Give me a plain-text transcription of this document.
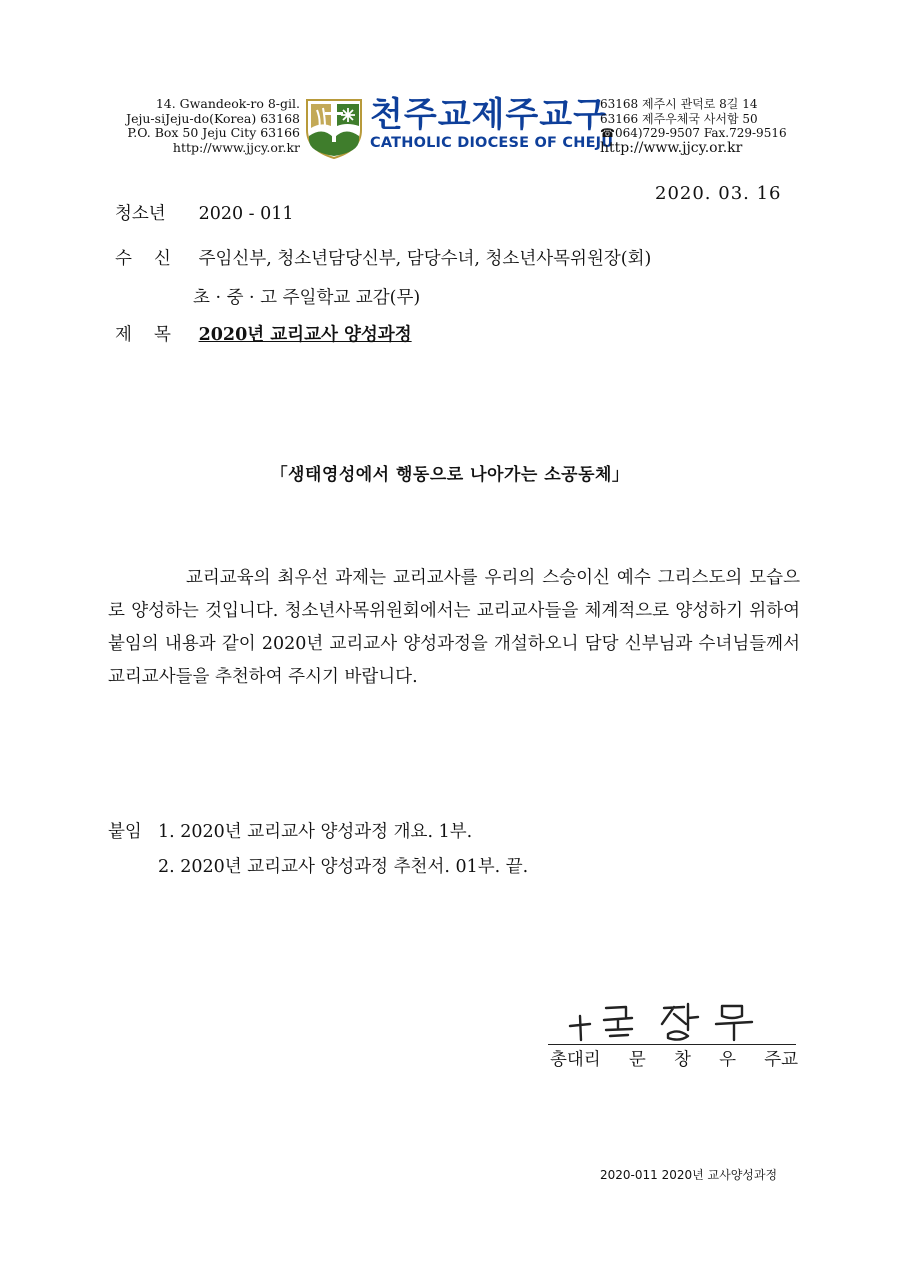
14. Gwandeok-ro 8-gil.
Jeju-siJeju-do(Korea) 63168
P.O. Box 50 Jeju City 63166
http://www.jjcy.or.kr
천주교제주교구
CATHOLIC DIOCESE OF CHEJU
63168 제주시 관덕로 8길 14
63166 제주우체국 사서함 50
☎064)729-9507 Fax.729-9516
http://www.jjcy.or.kr
2020. 03. 16
청소년 2020 - 011
수 신 주임신부, 청소년담당신부, 담당수녀, 청소년사목위원장(회)
초 · 중 · 고 주일학교 교감(무)
제 목 2020년 교리교사 양성과정
「생태영성에서 행동으로 나아가는 소공동체」
교리교육의 최우선 과제는 교리교사를 우리의 스승이신 예수 그리스도의 모습으로 양성하는 것입니다. 청소년사목위원회에서는 교리교사들을 체계적으로 양성하기 위하여 붙임의 내용과 같이 2020년 교리교사 양성과정을 개설하오니 담당 신부님과 수녀님들께서 교리교사들을 추천하여 주시기 바랍니다.
붙임 1. 2020년 교리교사 양성과정 개요. 1부.
2. 2020년 교리교사 양성과정 추천서. 01부. 끝.
총대리 문 창 우 주교
2020-011 2020년 교사양성과정
